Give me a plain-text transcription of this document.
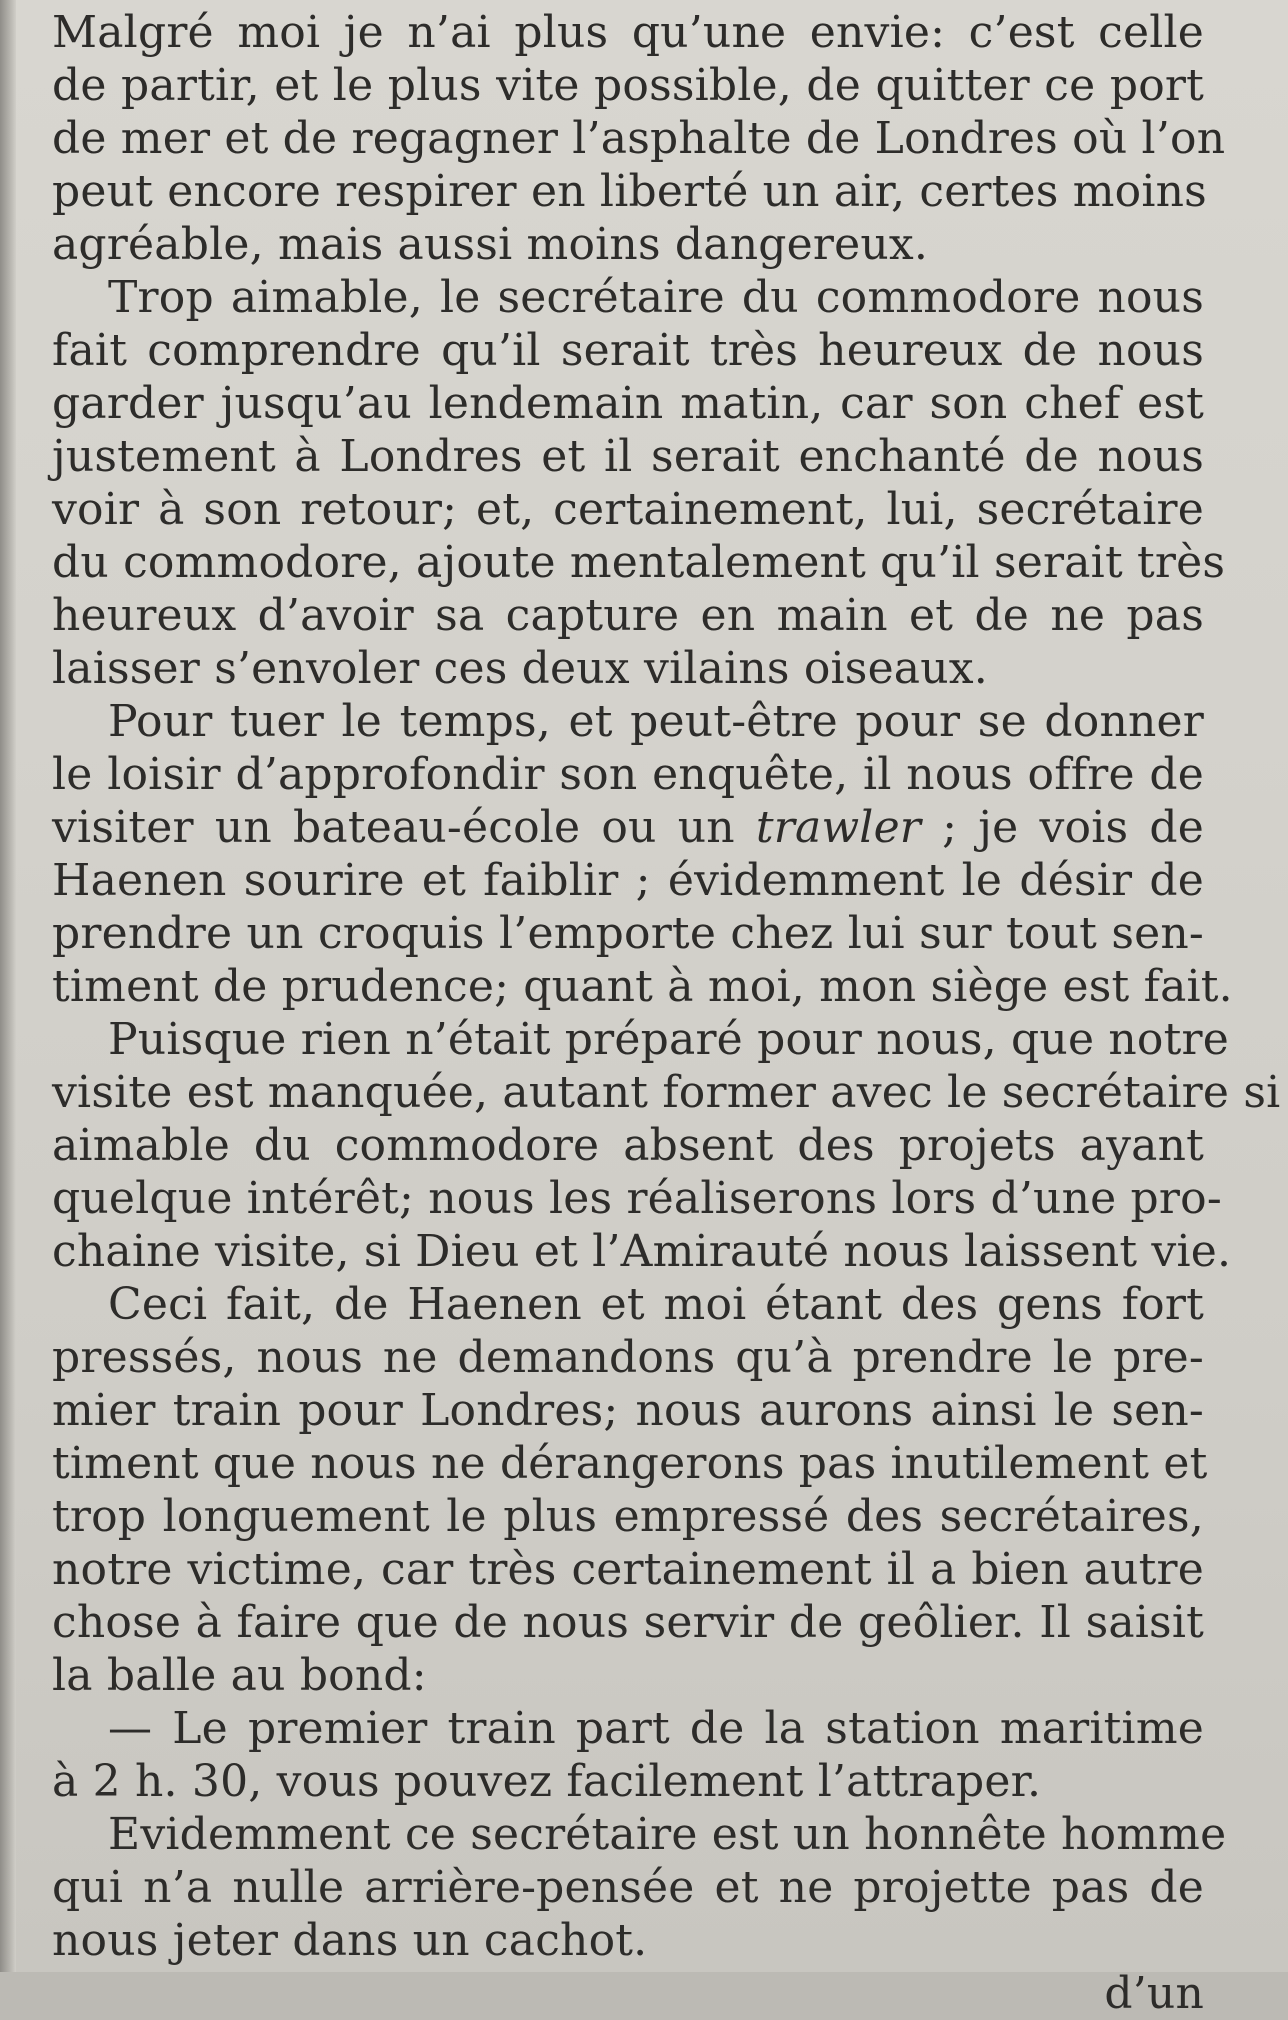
Malgré moi je n’ai plus qu’une envie: c’est celle
de partir, et le plus vite possible, de quitter ce port
de mer et de regagner l’asphalte de Londres où l’on
peut encore respirer en liberté un air, certes moins
agréable, mais aussi moins dangereux.
Trop aimable, le secrétaire du commodore nous
fait comprendre qu’il serait très heureux de nous
garder jusqu’au lendemain matin, car son chef est
justement à Londres et il serait enchanté de nous
voir à son retour; et, certainement, lui, secrétaire
du commodore, ajoute mentalement qu’il serait très
heureux d’avoir sa capture en main et de ne pas
laisser s’envoler ces deux vilains oiseaux.
Pour tuer le temps, et peut-être pour se donner
le loisir d’approfondir son enquête, il nous offre de
visiter un bateau-école ou un trawler ; je vois de
Haenen sourire et faiblir ; évidemment le désir de
prendre un croquis l’emporte chez lui sur tout sen-
timent de prudence; quant à moi, mon siège est fait.
Puisque rien n’était préparé pour nous, que notre
visite est manquée, autant former avec le secrétaire si
aimable du commodore absent des projets ayant
quelque intérêt; nous les réaliserons lors d’une pro-
chaine visite, si Dieu et l’Amirauté nous laissent vie.
Ceci fait, de Haenen et moi étant des gens fort
pressés, nous ne demandons qu’à prendre le pre-
mier train pour Londres; nous aurons ainsi le sen-
timent que nous ne dérangerons pas inutilement et
trop longuement le plus empressé des secrétaires,
notre victime, car très certainement il a bien autre
chose à faire que de nous servir de geôlier. Il saisit
la balle au bond:
— Le premier train part de la station maritime
à 2 h. 30, vous pouvez facilement l’attraper.
Evidemment ce secrétaire est un honnête homme
qui n’a nulle arrière-pensée et ne projette pas de
nous jeter dans un cachot.
d’un
